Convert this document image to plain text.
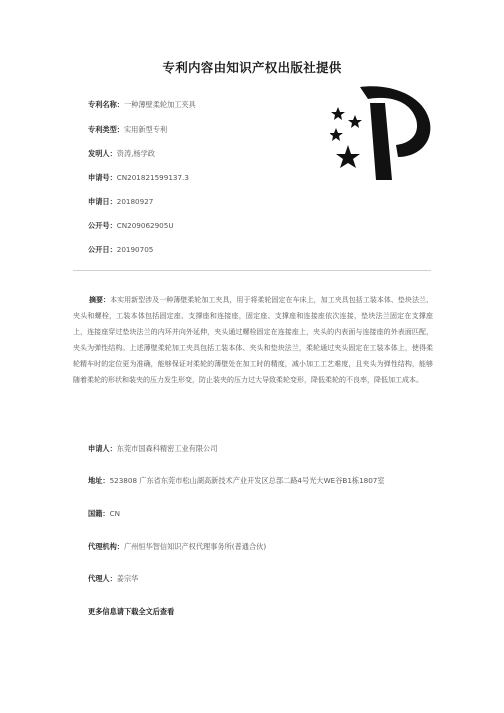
专利内容由知识产权出版社提供
专利名称：一种薄壁柔轮加工夹具
专利类型：实用新型专利
发明人：资涛,杨学政
申请号：CN201821599137.3
申请日：20180927
公开号：CN209062905U
公开日：20190705
摘要：本实用新型涉及一种薄壁柔轮加工夹具，用于将柔轮固定在车床上，加工夹具包括工装本体、垫块法兰、夹头和螺栓，工装本体包括固定座、支撑座和连接座，固定座、支撑座和连接座依次连接，垫块法兰固定在支撑座上，连接座穿过垫块法兰的内环并向外延伸，夹头通过螺栓固定在连接座上，夹头的内表面与连接座的外表面匹配，夹头为弹性结构。上述薄壁柔轮加工夹具包括工装本体、夹头和垫块法兰，柔轮通过夹头固定在工装本体上，使得柔轮精车时的定位更为准确，能够保证对柔轮的薄壁处在加工时的精度，减小加工工艺难度，且夹头为弹性结构，能够随着柔轮的形状和装夹的压力发生形变，防止装夹的压力过大导致柔轮变形，降低柔轮的不良率，降低加工成本。
申请人：东莞市国森科精密工业有限公司
地址：523808 广东省东莞市松山湖高新技术产业开发区总部二路4号光大WE谷B1栋1807室
国籍：CN
代理机构：广州恒华智信知识产权代理事务所(普通合伙)
代理人：姜宗华
更多信息请下载全文后查看
